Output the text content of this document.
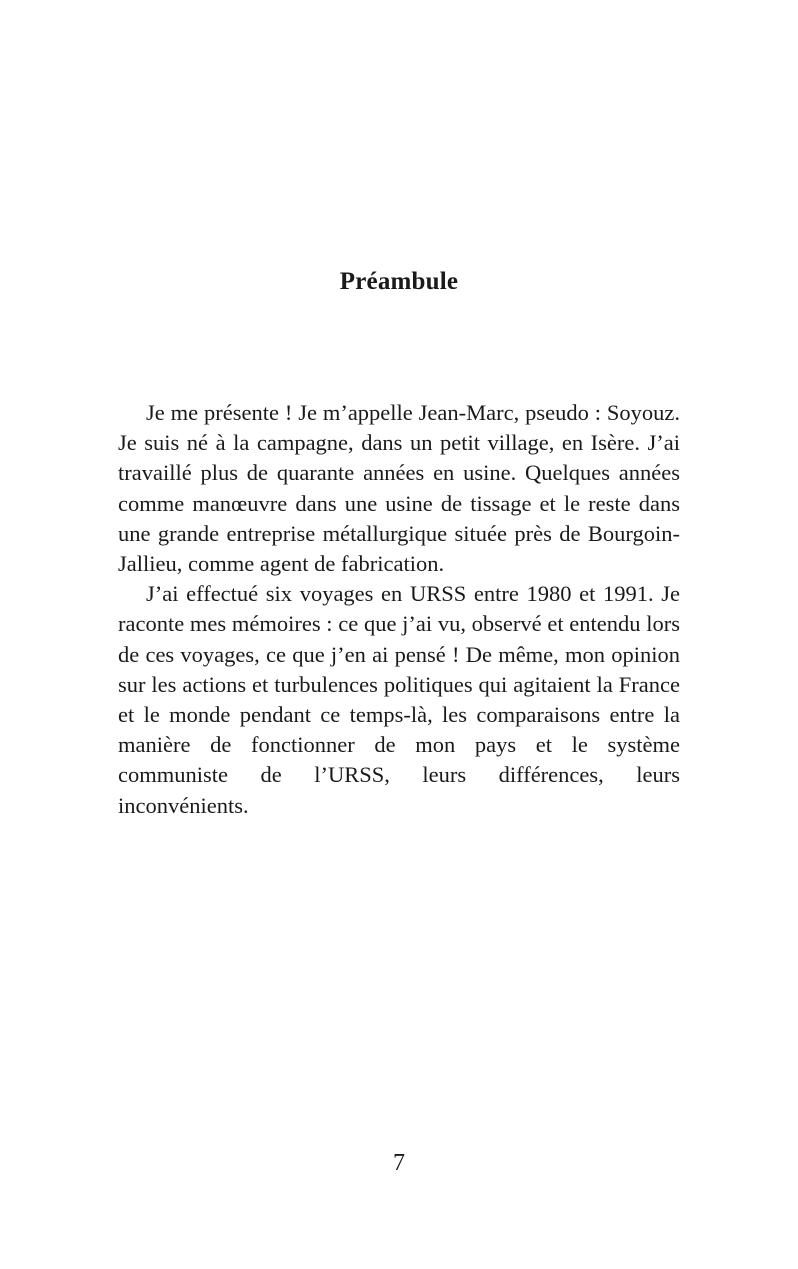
Préambule

Je me présente ! Je m’appelle Jean-Marc, pseudo : Soyouz. Je suis né à la campagne, dans un petit village, en Isère. J’ai travaillé plus de quarante années en usine. Quelques années comme manœuvre dans une usine de tissage et le reste dans une grande entreprise métallurgique située près de Bourgoin-Jallieu, comme agent de fabrication.

J’ai effectué six voyages en URSS entre 1980 et 1991. Je raconte mes mémoires : ce que j’ai vu, observé et entendu lors de ces voyages, ce que j’en ai pensé ! De même, mon opinion sur les actions et turbulences politiques qui agitaient la France et le monde pendant ce temps-là, les comparaisons entre la manière de fonctionner de mon pays et le système communiste de l’URSS, leurs différences, leurs inconvénients.

7
